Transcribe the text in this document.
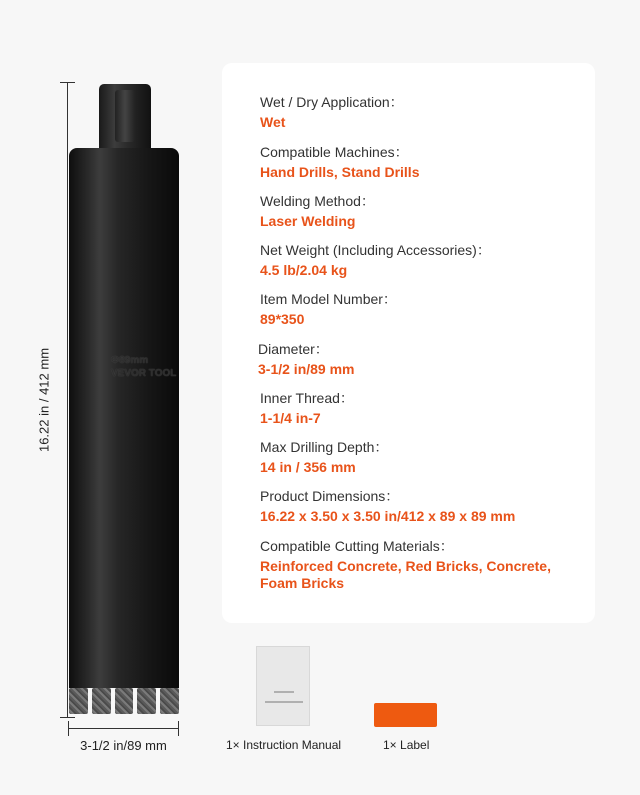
16.22 in / 412 mm
3-1/2 in/89 mm
Φ89mm
VEVOR TOOL
Wet / Dry Application：
Wet
Compatible Machines：
Hand Drills, Stand Drills
Welding Method：
Laser Welding
Net Weight (Including Accessories)：
4.5 lb/2.04 kg
Item Model Number：
89*350
Diameter：
3-1/2 in/89 mm
Inner Thread：
1-1/4 in-7
Max Drilling Depth：
14 in / 356 mm
Product Dimensions：
16.22 x 3.50 x 3.50 in/412 x 89 x 89 mm
Compatible Cutting Materials：
Reinforced Concrete, Red Bricks, Concrete,
Foam Bricks
1× Instruction Manual	1× Label
